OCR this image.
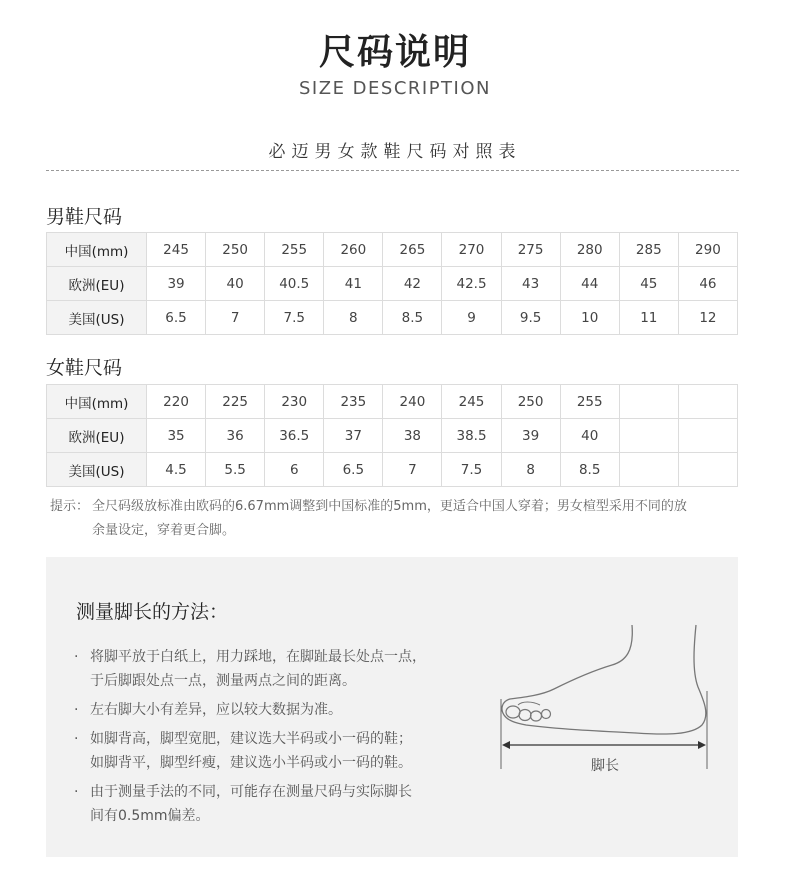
尺码说明
SIZE DESCRIPTION
必迈男女款鞋尺码对照表
男鞋尺码
中国(mm)	245	250	255	260	265	270	275	280	285	290
欧洲(EU)	39	40	40.5	41	42	42.5	43	44	45	46
美国(US)	6.5	7	7.5	8	8.5	9	9.5	10	11	12
女鞋尺码
中国(mm)	220	225	230	235	240	245	250	255		
欧洲(EU)	35	36	36.5	37	38	38.5	39	40		
美国(US)	4.5	5.5	6	6.5	7	7.5	8	8.5		
提示： 全尺码级放标准由欧码的6.67mm调整到中国标准的5mm，更适合中国人穿着；男女楦型采用不同的放
余量设定，穿着更合脚。
测量脚长的方法：
· 将脚平放于白纸上，用力踩地，在脚趾最长处点一点，
于后脚跟处点一点，测量两点之间的距离。
· 左右脚大小有差异，应以较大数据为准。
· 如脚背高，脚型宽肥，建议选大半码或小一码的鞋；
如脚背平，脚型纤瘦，建议选小半码或小一码的鞋。
· 由于测量手法的不同，可能存在测量尺码与实际脚长
间有0.5mm偏差。
脚长
